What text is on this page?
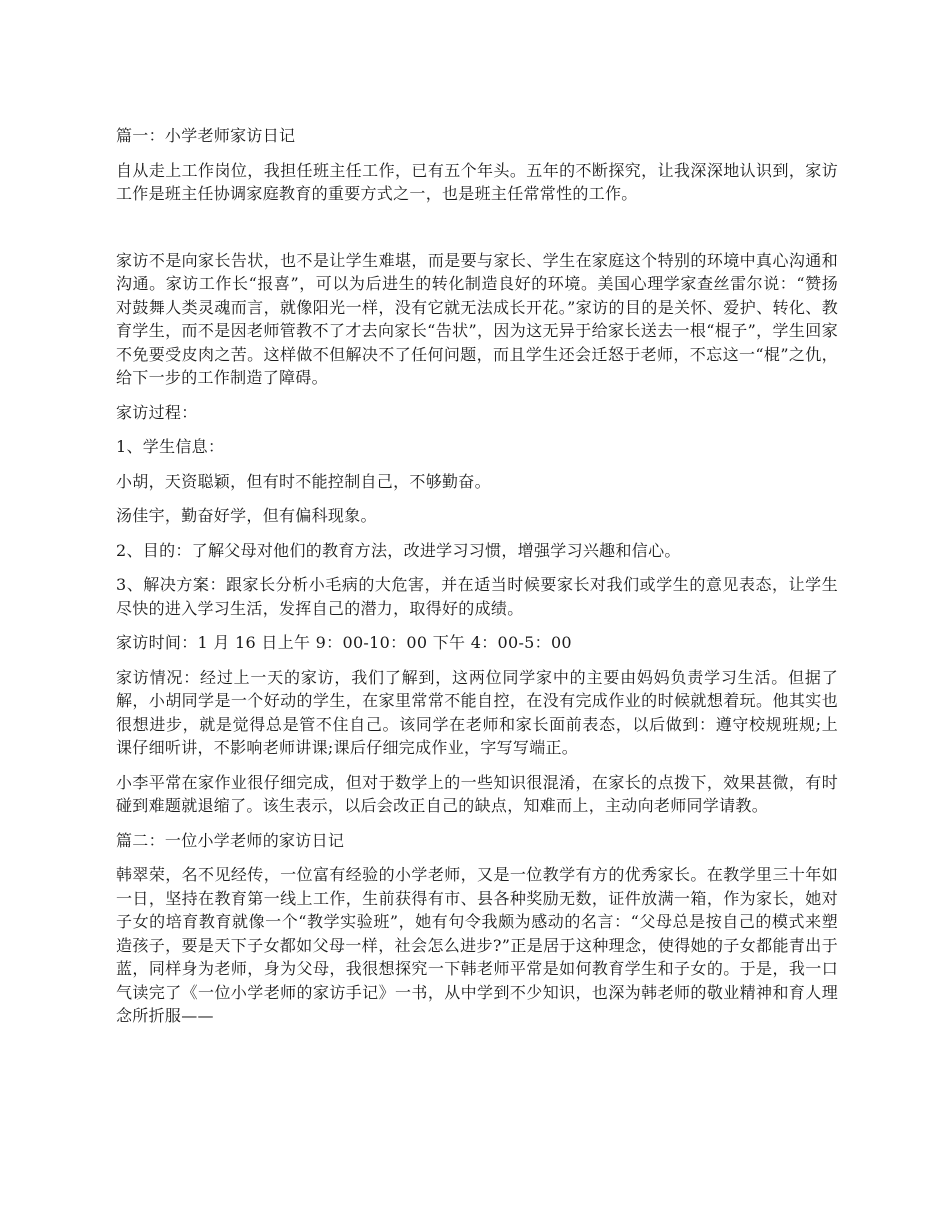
篇一：小学老师家访日记

自从走上工作岗位，我担任班主任工作，已有五个年头。五年的不断探究，让我深深地认识到，家访工作是班主任协调家庭教育的重要方式之一，也是班主任常常性的工作。

家访不是向家长告状，也不是让学生难堪，而是要与家长、学生在家庭这个特别的环境中真心沟通和沟通。家访工作长“报喜”，可以为后进生的转化制造良好的环境。美国心理学家查丝雷尔说：“赞扬对鼓舞人类灵魂而言，就像阳光一样，没有它就无法成长开花。”家访的目的是关怀、爱护、转化、教育学生，而不是因老师管教不了才去向家长“告状”，因为这无异于给家长送去一根“棍子”，学生回家不免要受皮肉之苦。这样做不但解决不了任何问题，而且学生还会迁怒于老师，不忘这一“棍”之仇，给下一步的工作制造了障碍。

家访过程：

1、学生信息：

小胡，天资聪颖，但有时不能控制自己，不够勤奋。

汤佳宇，勤奋好学，但有偏科现象。

2、目的：了解父母对他们的教育方法，改进学习习惯，增强学习兴趣和信心。

3、解决方案：跟家长分析小毛病的大危害，并在适当时候要家长对我们或学生的意见表态，让学生尽快的进入学习生活，发挥自己的潜力，取得好的成绩。

家访时间：1 月 16 日上午 9：00-10：00 下午 4：00-5：00

家访情况：经过上一天的家访，我们了解到，这两位同学家中的主要由妈妈负责学习生活。但据了解，小胡同学是一个好动的学生，在家里常常不能自控，在没有完成作业的时候就想着玩。他其实也很想进步，就是觉得总是管不住自己。该同学在老师和家长面前表态，以后做到：遵守校规班规;上课仔细听讲，不影响老师讲课;课后仔细完成作业，字写写端正。

小李平常在家作业很仔细完成，但对于数学上的一些知识很混淆，在家长的点拨下，效果甚微，有时碰到难题就退缩了。该生表示，以后会改正自己的缺点，知难而上，主动向老师同学请教。

篇二：一位小学老师的家访日记

韩翠荣，名不见经传，一位富有经验的小学老师，又是一位教学有方的优秀家长。在教学里三十年如一日，坚持在教育第一线上工作，生前获得有市、县各种奖励无数，证件放满一箱，作为家长，她对子女的培育教育就像一个“教学实验班”，她有句令我颇为感动的名言：“父母总是按自己的模式来塑造孩子，要是天下子女都如父母一样，社会怎么进步?”正是居于这种理念，使得她的子女都能青出于蓝，同样身为老师，身为父母，我很想探究一下韩老师平常是如何教育学生和子女的。于是，我一口气读完了《一位小学老师的家访手记》一书，从中学到不少知识，也深为韩老师的敬业精神和育人理念所折服——
